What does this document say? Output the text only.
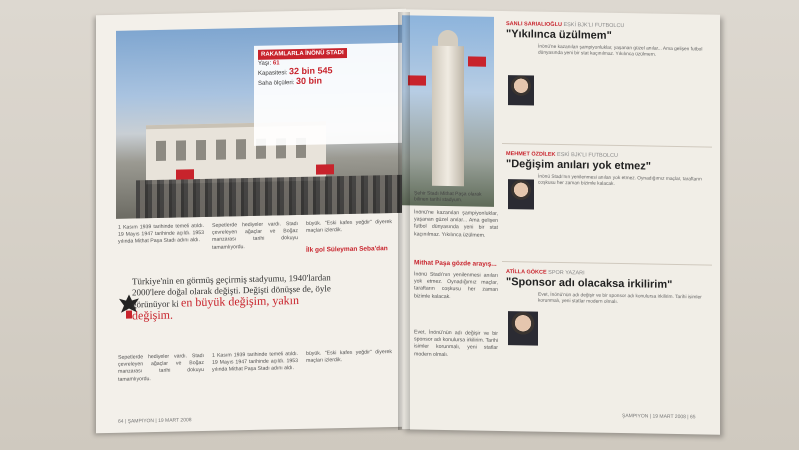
RAKAMLARLA İNÖNÜ STADI
Yaşı: 61
Kapasitesi: 32 bin 545
Saha ölçüleri: 30 bin

1 Kasım 1939 tarihinde temeli atıldı. 19 Mayıs 1947 tarihinde açıldı. 1953 yılında Mithat Paşa Stadı adını aldı.

Sepetlerde hediyeler vardı. Stadı çevreleyen ağaçlar ve Boğaz manzarası tarihi dokuyu tamamlıyordu.

büyük. "Eski kafes yeğdir" diyerek maçları izlerdik.

İlk gol Süleyman Seba'dan
Türkiye'nin en görmüş geçirmiş stadyumu, 1940'lardan 2000'lere doğal olarak değişti. Değişti dönüşse de, öyle görünüyor ki en büyük değişim, yakın değişim.

Sepetlerde hediyeler vardı. Stadı çevreleyen ağaçlar ve Boğaz manzarası tarihi dokuyu tamamlıyordu.

1 Kasım 1939 tarihinde temeli atıldı. 19 Mayıs 1947 tarihinde açıldı. 1953 yılında Mithat Paşa Stadı adını aldı.

büyük. "Eski kafes yeğdir" diyerek maçları izlerdik.

64 | ŞAMPIYON | 19 MART 2008
Şehir Stadı Mithat Paşa olarak bilinen tarihi stadyum.

İnönü'ne kazanılan şampiyonluklar, yaşanan güzel anılar... Ama gelişen futbol dünyasında yeni bir stat kaçınılmaz. Yıkılınca üzülmem.

Mithat Paşa gözde arayış...

İnönü Stadı'nın yenilenmesi anıları yok etmez. Oynadığımız maçlar, taraftarın coşkusu her zaman bizimle kalacak.

Evet, İnönü'nün adı değişir ve bir sponsor adı konulursa irkilirim. Tarihi isimler korunmalı, yeni statlar modern olmalı.

SANLI SARIALIOĞLU ESKİ BJK'LI FUTBOLCU
"Yıkılınca üzülmem"
İnönü'ne kazanılan şampiyonluklar, yaşanan güzel anılar... Ama gelişen futbol dünyasında yeni bir stat kaçınılmaz. Yıkılınca üzülmem.
MEHMET ÖZDİLEK ESKİ BJK'LI FUTBOLCU
"Değişim anıları yok etmez"
İnönü Stadı'nın yenilenmesi anıları yok etmez. Oynadığımız maçlar, taraftarın coşkusu her zaman bizimle kalacak.
ATİLLA GÖKCE SPOR YAZARI
"Sponsor adı olacaksa irkilirim"
Evet, İnönü'nün adı değişir ve bir sponsor adı konulursa irkilirim. Tarihi isimler korunmalı, yeni statlar modern olmalı.
ŞAMPIYON | 19 MART 2008 | 65
